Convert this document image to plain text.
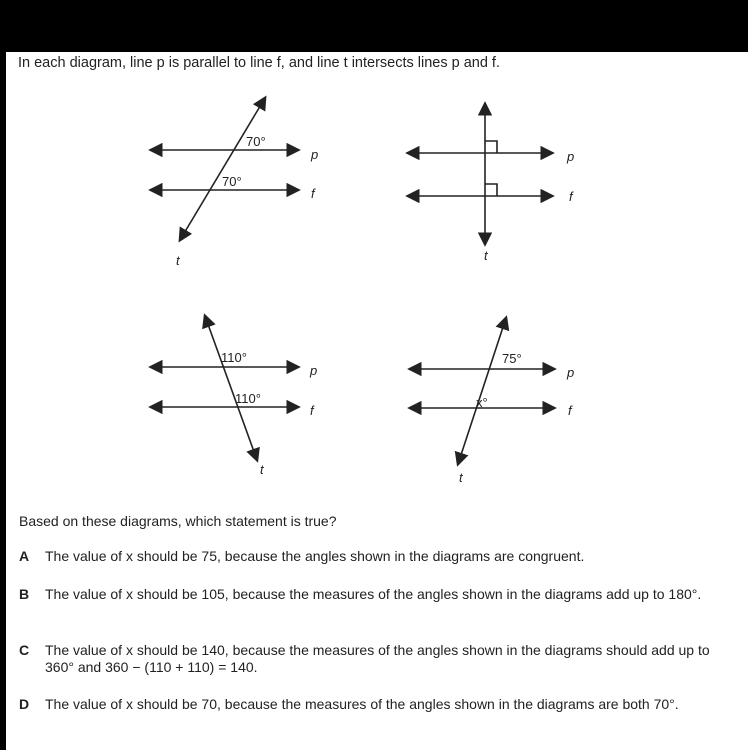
In each diagram, line p is parallel to line f, and line t intersects lines p and f.
70°
70°
p
f
t
p
f
t
110°
110°
p
f
t
75°
x°
p
f
t
Based on these diagrams, which statement is true?
A The value of x should be 75, because the angles shown in the diagrams are congruent.
B The value of x should be 105, because the measures of the angles shown in the diagrams add up to 180°.
C The value of x should be 140, because the measures of the angles shown in the diagrams should add up to 360° and 360 − (110 + 110) = 140.
D The value of x should be 70, because the measures of the angles shown in the diagrams are both 70°.
